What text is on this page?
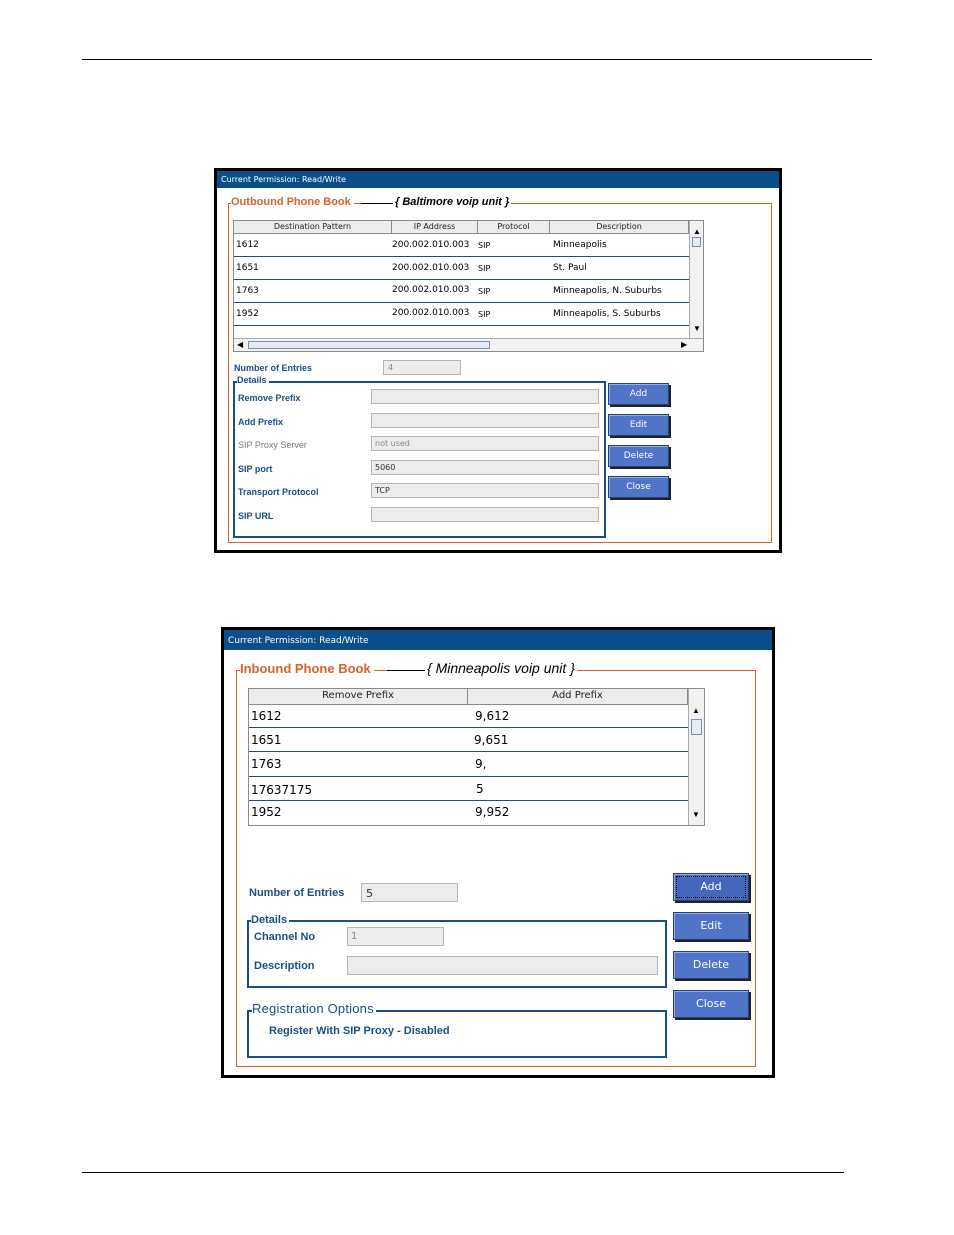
Current Permission: Read/Write
Outbound Phone Book	{ Baltimore voip unit }
Destination Pattern	IP Address	Protocol	Description
1612	200.002.010.003 SIP	Minneapolis
1651	200.002.010.003 SIP	St. Paul
1763	200.002.010.003 SIP	Minneapolis, N. Suburbs
1952	200.002.010.003 SIP	Minneapolis, S. Suburbs
▲
▼
◀	▶
Number of Entries	4
Details
Remove Prefix
Add Prefix
SIP Proxy Server	not used
SIP port	5060
Transport Protocol	TCP
SIP URL
Add
Edit
Delete
Close
Current Permission: Read/Write
Inbound Phone Book	{ Minneapolis voip unit }
Remove Prefix	Add Prefix
1612	9,612
1651	9,651
1763	9,
17637175	5
1952	9,952
▲
▼
Number of Entries	5
Details
Channel No	1
Description
Registration Options
Register With SIP Proxy - Disabled
Add
Edit
Delete
Close
